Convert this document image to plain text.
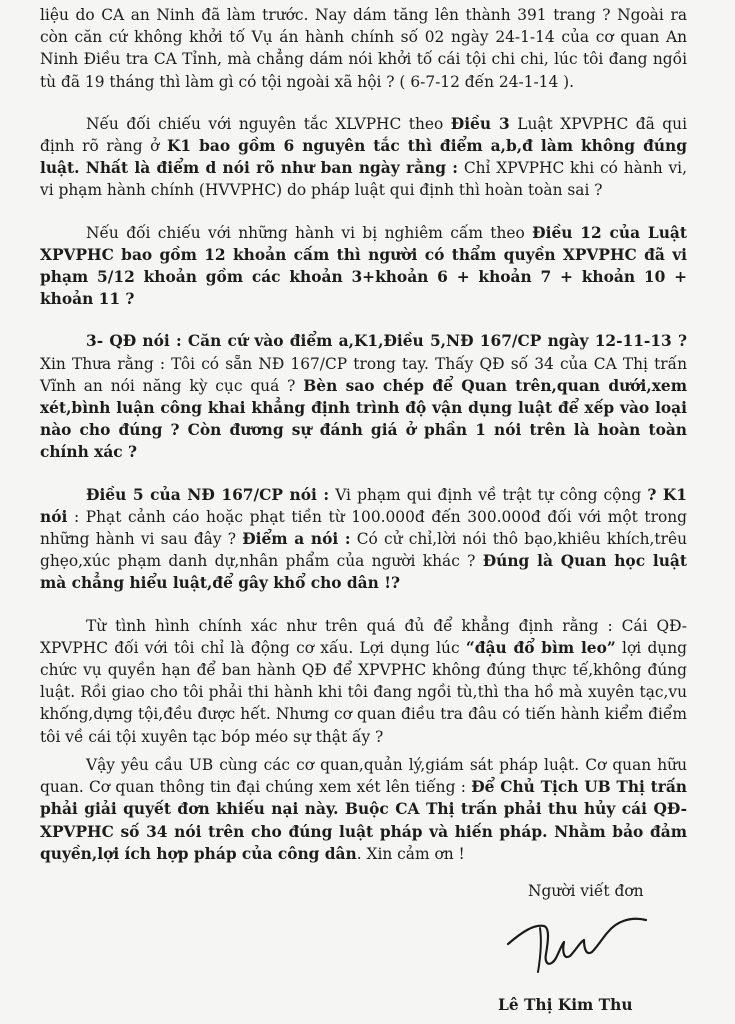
liệu do CA an Ninh đã làm trước. Nay dám tăng lên thành 391 trang ? Ngoài ra còn căn cứ không khởi tố Vụ án hành chính số 02 ngày 24-1-14 của cơ quan An Ninh Điều tra CA Tỉnh, mà chẳng dám nói khởi tố cái tội chi chi, lúc tôi đang ngồi tù đã 19 tháng thì làm gì có tội ngoài xã hội ? ( 6-7-12 đến 24-1-14 ).

Nếu đối chiếu với nguyên tắc XLVPHC theo Điều 3 Luật XPVPHC đã qui định rõ ràng ở K1 bao gồm 6 nguyên tắc thì điểm a,b,đ làm không đúng luật. Nhất là điểm d nói rõ như ban ngày rằng : Chỉ XPVPHC khi có hành vi, vi phạm hành chính (HVVPHC) do pháp luật qui định thì hoàn toàn sai ?

Nếu đối chiếu với những hành vi bị nghiêm cấm theo Điều 12 của Luật XPVPHC bao gồm 12 khoản cấm thì người có thẩm quyền XPVPHC đã vi phạm 5/12 khoản gồm các khoản 3+khoản 6 + khoản 7 + khoản 10 + khoản 11 ?

3- QĐ nói : Căn cứ vào điểm a,K1,Điều 5,NĐ 167/CP ngày 12-11-13 ? Xin Thưa rằng : Tôi có sẵn NĐ 167/CP trong tay. Thấy QĐ số 34 của CA Thị trấn Vĩnh an nói năng kỳ cục quá ? Bèn sao chép để Quan trên,quan dưới,xem xét,bình luận công khai khẳng định trình độ vận dụng luật để xếp vào loại nào cho đúng ? Còn đương sự đánh giá ở phần 1 nói trên là hoàn toàn chính xác ?

Điều 5 của NĐ 167/CP nói : Vi phạm qui định về trật tự công cộng ? K1 nói : Phạt cảnh cáo hoặc phạt tiền từ 100.000đ đến 300.000đ đối với một trong những hành vi sau đây ? Điểm a nói : Có cử chỉ,lời nói thô bạo,khiêu khích,trêu ghẹo,xúc phạm danh dự,nhân phẩm của người khác ? Đúng là Quan học luật mà chẳng hiểu luật,để gây khổ cho dân !?

Từ tình hình chính xác như trên quá đủ để khẳng định rằng : Cái QĐ-XPVPHC đối với tôi chỉ là động cơ xấu. Lợi dụng lúc “đậu đổ bìm leo” lợi dụng chức vụ quyền hạn để ban hành QĐ để XPVPHC không đúng thực tế,không đúng luật. Rồi giao cho tôi phải thi hành khi tôi đang ngồi tù,thì tha hồ mà xuyên tạc,vu khống,dựng tội,đều được hết. Nhưng cơ quan điều tra đâu có tiến hành kiểm điểm tôi về cái tội xuyên tạc bóp méo sự thật ấy ?

Vậy yêu cầu UB cùng các cơ quan,quản lý,giám sát pháp luật. Cơ quan hữu quan. Cơ quan thông tin đại chúng xem xét lên tiếng : Để Chủ Tịch UB Thị trấn phải giải quyết đơn khiếu nại này. Buộc CA Thị trấn phải thu hủy cái QĐ-XPVPHC số 34 nói trên cho đúng luật pháp và hiến pháp. Nhằm bảo đảm quyền,lợi ích hợp pháp của công dân. Xin cảm ơn !

Người viết đơn
Lê Thị Kim Thu
